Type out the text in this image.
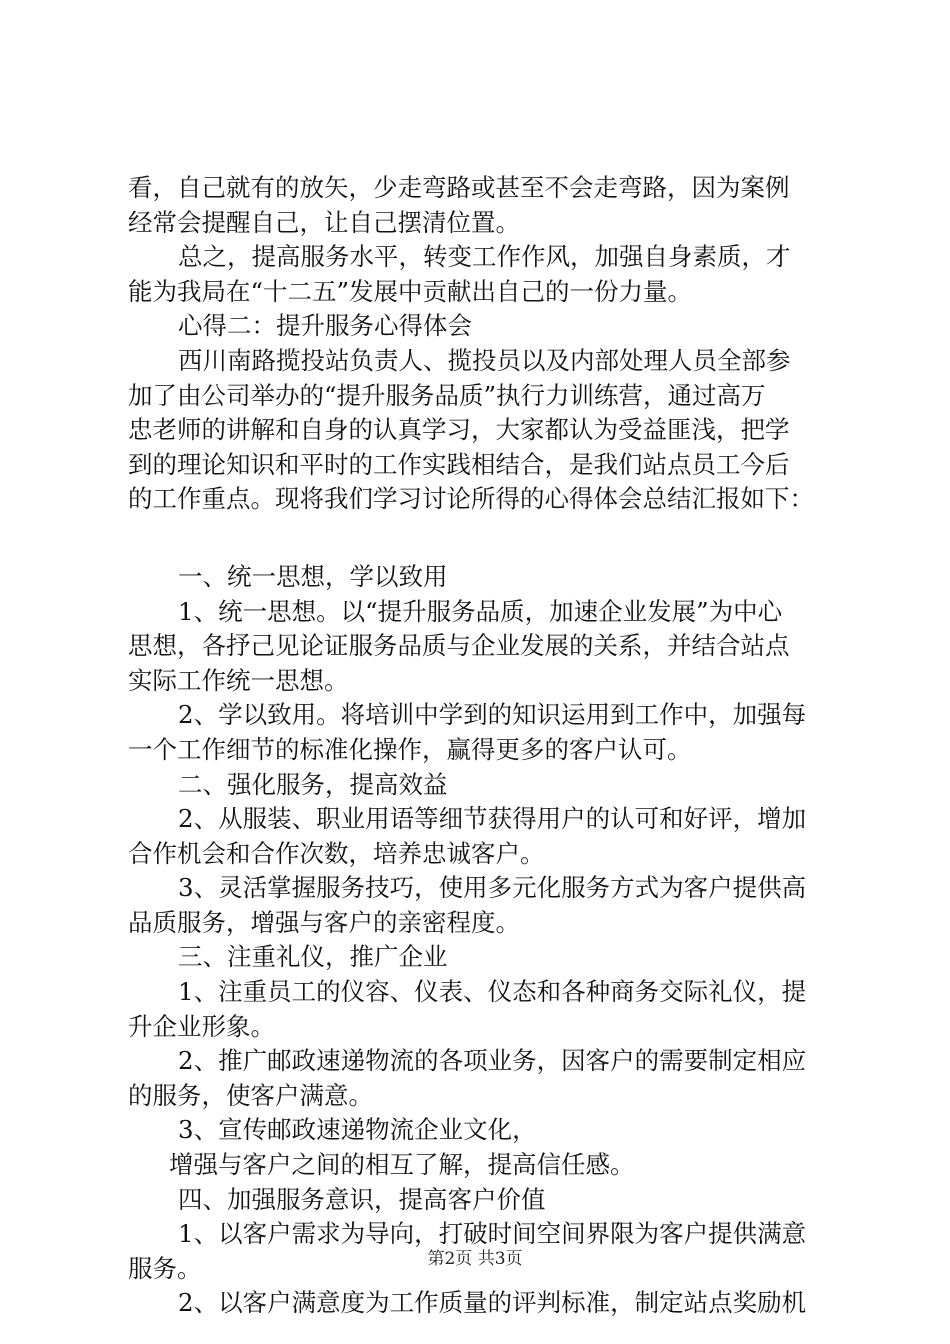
看，自己就有的放矢，少走弯路或甚至不会走弯路，因为案例
经常会提醒自己，让自己摆清位置。
总之，提高服务水平，转变工作作风，加强自身素质，才
能为我局在“十二五”发展中贡献出自己的一份力量。
心得二：提升服务心得体会
西川南路揽投站负责人、揽投员以及内部处理人员全部参
加了由公司举办的“提升服务品质”执行力训练营，通过高万
忠老师的讲解和自身的认真学习，大家都认为受益匪浅，把学
到的理论知识和平时的工作实践相结合，是我们站点员工今后
的工作重点。现将我们学习讨论所得的心得体会总结汇报如下：
一、统一思想，学以致用
1、统一思想。以“提升服务品质，加速企业发展”为中心
思想，各抒己见论证服务品质与企业发展的关系，并结合站点
实际工作统一思想。
2、学以致用。将培训中学到的知识运用到工作中，加强每
一个工作细节的标准化操作，赢得更多的客户认可。
二、强化服务，提高效益
2、从服装、职业用语等细节获得用户的认可和好评，增加
合作机会和合作次数，培养忠诚客户。
3、灵活掌握服务技巧，使用多元化服务方式为客户提供高
品质服务，增强与客户的亲密程度。
三、注重礼仪，推广企业
1、注重员工的仪容、仪表、仪态和各种商务交际礼仪，提
升企业形象。
2、推广邮政速递物流的各项业务，因客户的需要制定相应
的服务，使客户满意。
3、宣传邮政速递物流企业文化，
增强与客户之间的相互了解，提高信任感。
四、加强服务意识，提高客户价值
1、以客户需求为导向，打破时间空间界限为客户提供满意
服务。
2、以客户满意度为工作质量的评判标准，制定站点奖励机
第2页 共3页
